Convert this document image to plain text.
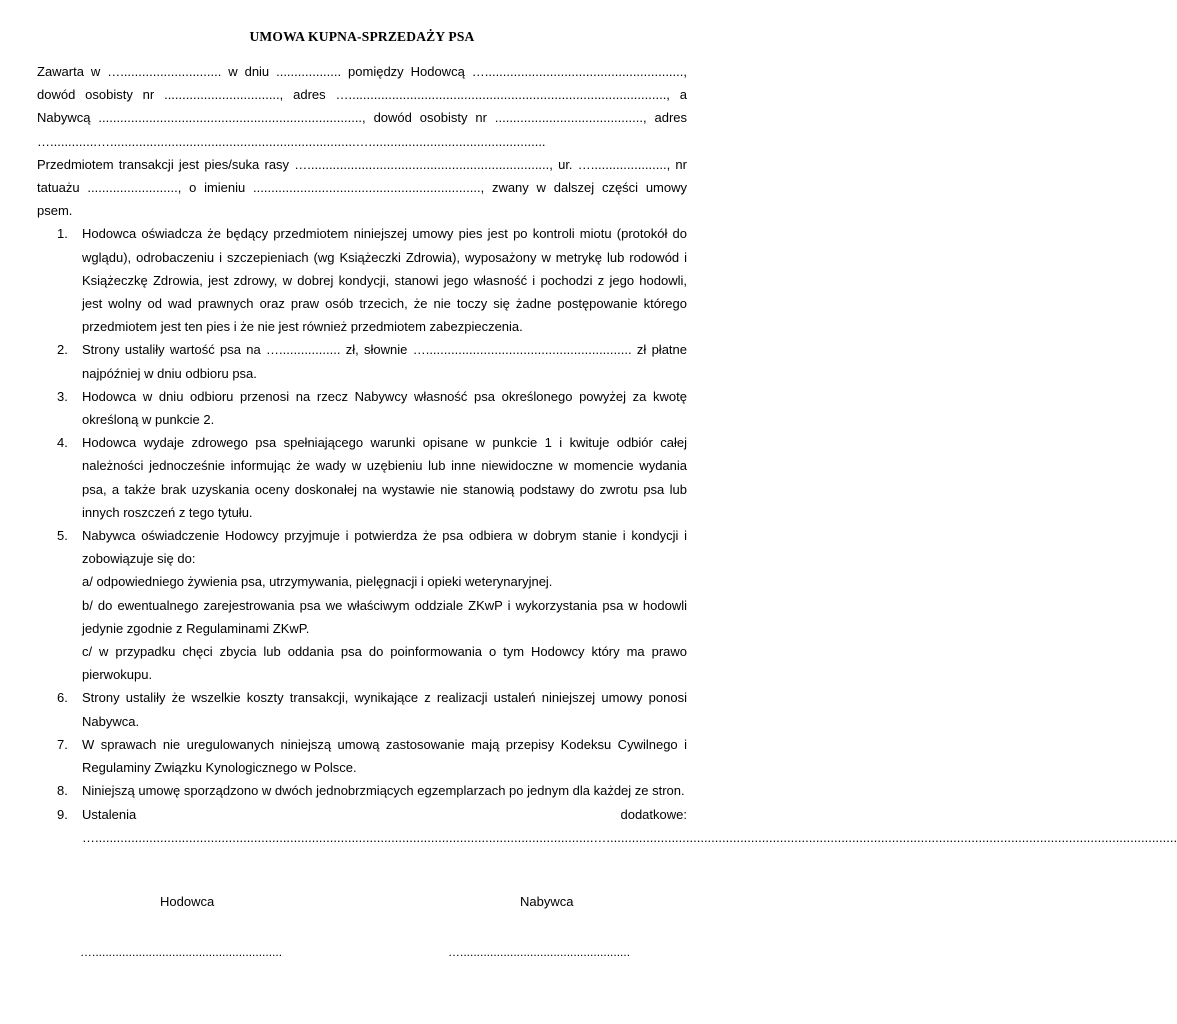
UMOWA KUPNA-SPRZEDAŻY PSA

Zawarta w …............................ w dniu .................. pomiędzy Hodowcą …......................................................., dowód osobisty nr ................................, adres …........................................................................................, a Nabywcą ........................................................................., dowód osobisty nr ........................................., adres ….............…....................................................................….................................................

Przedmiotem transakcji jest pies/suka rasy …..................................................................., ur. …....................., nr tatuażu ........................., o imieniu ..............................................................., zwany w dalszej części umowy psem.

1. Hodowca oświadcza że będący przedmiotem niniejszej umowy pies jest po kontroli miotu (protokół do wglądu), odrobaczeniu i szczepieniach (wg Książeczki Zdrowia), wyposażony w metrykę lub rodowód i Książeczkę Zdrowia, jest zdrowy, w dobrej kondycji, stanowi jego własność i pochodzi z jego hodowli, jest wolny od wad prawnych oraz praw osób trzecich, że nie toczy się żadne postępowanie którego przedmiotem jest ten pies i że nie jest również przedmiotem zabezpieczenia.
2. Strony ustaliły wartość psa na …................. zł, słownie …......................................................... zł płatne najpóźniej w dniu odbioru psa.
3. Hodowca w dniu odbioru przenosi na rzecz Nabywcy własność psa określonego powyżej za kwotę określoną w punkcie 2.
4. Hodowca wydaje zdrowego psa spełniającego warunki opisane w punkcie 1 i kwituje odbiór całej należności jednocześnie informując że wady w uzębieniu lub inne niewidoczne w momencie wydania psa, a także brak uzyskania oceny doskonałej na wystawie nie stanowią podstawy do zwrotu psa lub innych roszczeń z tego tytułu.
5. Nabywca oświadczenie Hodowcy przyjmuje i potwierdza że psa odbiera w dobrym stanie i kondycji i zobowiązuje się do:
a/ odpowiedniego żywienia psa, utrzymywania, pielęgnacji i opieki weterynaryjnej.
b/ do ewentualnego zarejestrowania psa we właściwym oddziale ZKwP i wykorzystania psa w hodowli jedynie zgodnie z Regulaminami ZKwP.
c/ w przypadku chęci zbycia lub oddania psa do poinformowania o tym Hodowcy który ma prawo pierwokupu.
6. Strony ustaliły że wszelkie koszty transakcji, wynikające z realizacji ustaleń niniejszej umowy ponosi Nabywca.
7. W sprawach nie uregulowanych niniejszą umową zastosowanie mają przepisy Kodeksu Cywilnego i Regulaminy Związku Kynologicznego w Polsce.
8. Niniejszą umowę sporządzono w dwóch jednobrzmiących egzemplarzach po jednym dla każdej ze stron.
9. Ustalenia dodatkowe: …..........................................................................................................................................…..............................................................................................................................................................
Hodowca	Nabywca
….........................................................	…...................................................
